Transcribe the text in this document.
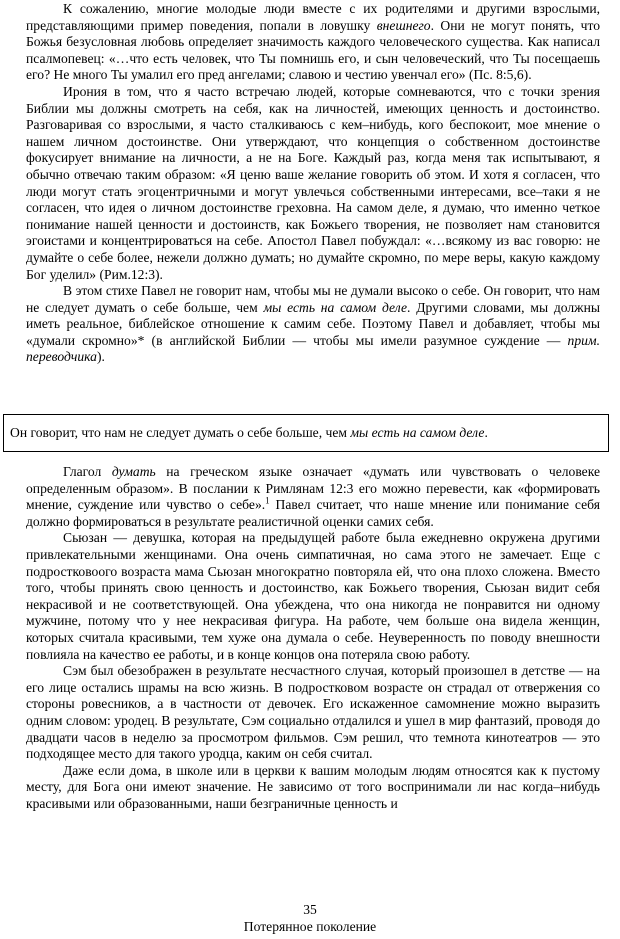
К сожалению, многие молодые люди вместе с их родителями и другими взрослыми, представляющими пример поведения, попали в ловушку внешнего. Они не могут понять, что Божья безусловная любовь определяет значимость каждого человеческого существа. Как написал псалмопевец: «…что есть человек, что Ты помнишь его, и сын человеческий, что Ты посещаешь его? Не много Ты умалил его пред ангелами; славою и честию увенчал его» (Пс. 8:5,6).

Ирония в том, что я часто встречаю людей, которые сомневаются, что с точки зрения Библии мы должны смотреть на себя, как на личностей, имеющих ценность и достоинство. Разговаривая со взрослыми, я часто сталкиваюсь с кем–нибудь, кого беспокоит, мое мнение о нашем личном достоинстве. Они утверждают, что концепция о собственном достоинстве фокусирует внимание на личности, а не на Боге. Каждый раз, когда меня так испытывают, я обычно отвечаю таким образом: «Я ценю ваше желание говорить об этом. И хотя я согласен, что люди могут стать эгоцентричными и могут увлечься собственными интересами, все–таки я не согласен, что идея о личном достоинстве греховна. На самом деле, я думаю, что именно четкое понимание нашей ценности и достоинств, как Божьего творения, не позволяет нам становится эгоистами и концентрироваться на себе. Апостол Павел побуждал: «…всякому из вас говорю: не думайте о себе более, нежели должно думать; но думайте скромно, по мере веры, какую каждому Бог уделил» (Рим.12:3).

В этом стихе Павел не говорит нам, чтобы мы не думали высоко о себе. Он говорит, что нам не следует думать о себе больше, чем мы есть на самом деле. Другими словами, мы должны иметь реальное, библейское отношение к самим себе. Поэтому Павел и добавляет, чтобы мы «думали скромно»* (в английской Библии — чтобы мы имели разумное суждение — прим. переводчика).

Он говорит, что нам не следует думать о себе больше, чем мы есть на самом деле.

Глагол думать на греческом языке означает «думать или чувствовать о человеке определенным образом». В послании к Римлянам 12:3 его можно перевести, как «формировать мнение, суждение или чувство о себе».$^1$ Павел считает, что наше мнение или понимание себя должно формироваться в результате реалистичной оценки самих себя.

Сьюзан — девушка, которая на предыдущей работе была ежедневно окружена другими привлекательными женщинами. Она очень симпатичная, но сама этого не замечает. Еще с подростковоого возраста мама Сьюзан многократно повторяла ей, что она плохо сложена. Вместо того, чтобы принять свою ценность и достоинство, как Божьего творения, Сьюзан видит себя некрасивой и не соответствующей. Она убеждена, что она никогда не понравится ни одному мужчине, потому что у нее некрасивая фигура. На работе, чем больше она видела женщин, которых считала красивыми, тем хуже она думала о себе. Неуверенность по поводу внешности повлияла на качество ее работы, и в конце концов она потеряла свою работу.

Сэм был обезображен в результате несчастного случая, который произошел в детстве — на его лице остались шрамы на всю жизнь. В подростковом возрасте он страдал от отвержения со стороны ровесников, а в частности от девочек. Его искаженное самомнение можно выразить одним словом: уродец. В результате, Сэм социально отдалился и ушел в мир фантазий, проводя до двадцати часов в неделю за просмотром фильмов. Сэм решил, что темнота кинотеатров — это подходящее место для такого уродца, каким он себя считал.

Даже если дома, в школе или в церкви к вашим молодым людям относятся как к пустому месту, для Бога они имеют значение. Не зависимо от того воспринимали ли нас когда–нибудь красивыми или образованными, наши безграничные ценность и

35
Потерянное поколение
